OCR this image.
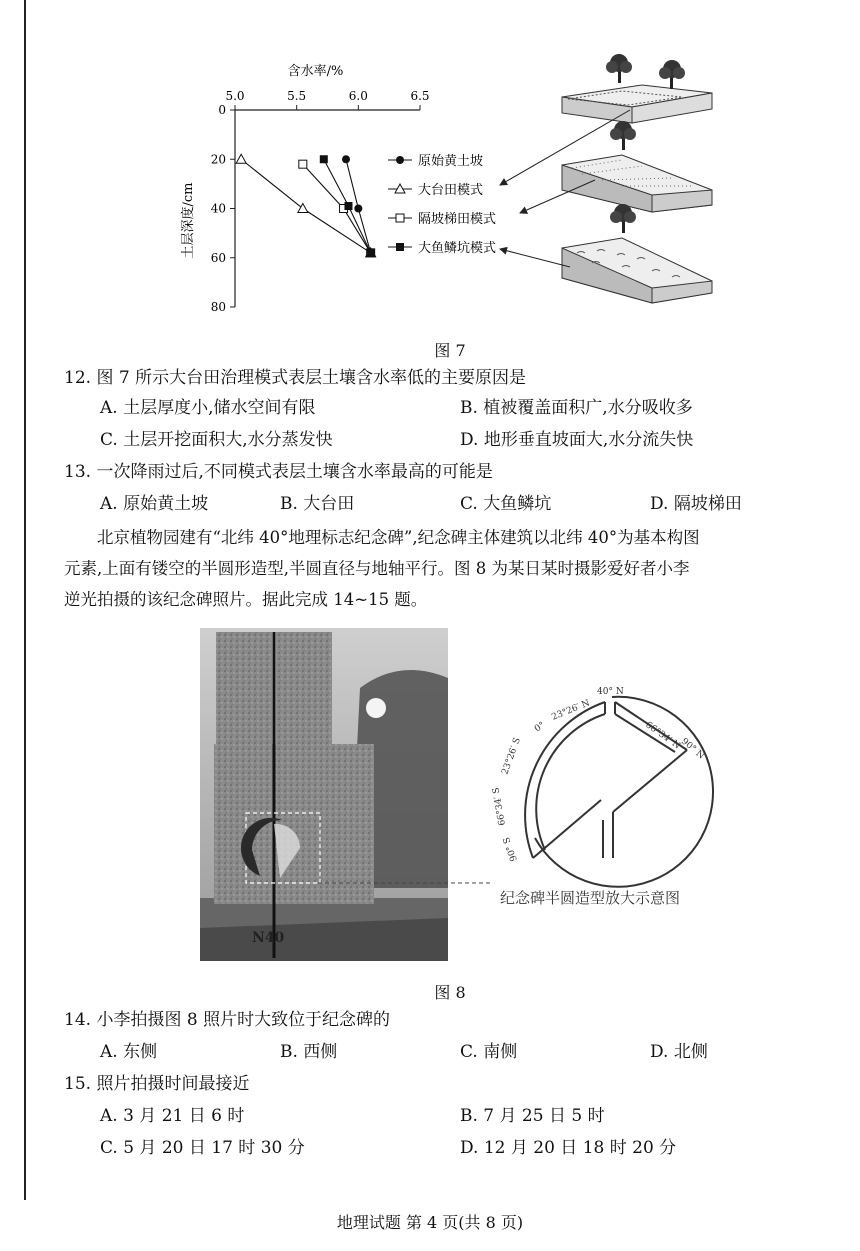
5.0	5.5	6.0	6.5
0
20
40
60
80
含水率/%
土层深度/cm
原始黄土坡
大台田模式
隔坡梯田模式
大鱼鳞坑模式
图 7
12. 图 7 所示大台田治理模式表层土壤含水率低的主要原因是
A. 土层厚度小,储水空间有限	B. 植被覆盖面积广,水分吸收多
C. 土层开挖面积大,水分蒸发快	D. 地形垂直坡面大,水分流失快
13. 一次降雨过后,不同模式表层土壤含水率最高的可能是
A. 原始黄土坡	B. 大台田	C. 大鱼鳞坑	D. 隔坡梯田
北京植物园建有“北纬 40°地理标志纪念碑”,纪念碑主体建筑以北纬 40°为基本构图
元素,上面有镂空的半圆形造型,半圆直径与地轴平行。图 8 为某日某时摄影爱好者小李
逆光拍摄的该纪念碑照片。据此完成 14~15 题。
N40
纪念碑半圆造型放大示意图
40° N
23°26′ N
0°
23°26′ S
66°34′ N
90° N
66°34′ S
90° S
图 8
14. 小李拍摄图 8 照片时大致位于纪念碑的
A. 东侧	B. 西侧	C. 南侧	D. 北侧
15. 照片拍摄时间最接近
A. 3 月 21 日 6 时	B. 7 月 25 日 5 时
C. 5 月 20 日 17 时 30 分	D. 12 月 20 日 18 时 20 分
地理试题 第 4 页(共 8 页)
